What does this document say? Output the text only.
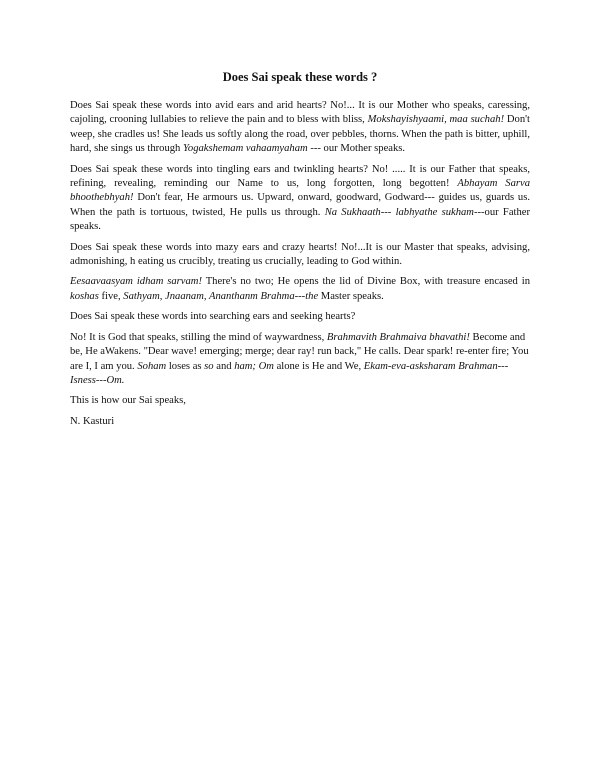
Does Sai speak these words ?

Does Sai speak these words into avid ears and arid hearts? No!... It is our Mother who speaks, caressing, cajoling, crooning lullabies to relieve the pain and to bless with bliss, Mokshayishyaami, maa suchah! Don't weep, she cradles us! She leads us softly along the road, over pebbles, thorns. When the path is bitter, uphill, hard, she sings us through Yogakshemam vahaamyaham --- our Mother speaks.

Does Sai speak these words into tingling ears and twinkling hearts? No! ..... It is our Father that speaks, refining, revealing, reminding our Name to us, long forgotten, long begotten! Abhayam Sarva bhoothebhyah! Don't fear, He armours us. Upward, onward, goodward, Godward--- guides us, guards us. When the path is tortuous, twisted, He pulls us through. Na Sukhaath--- labhyathe sukham---our Father speaks.

Does Sai speak these words into mazy ears and crazy hearts! No!...It is our Master that speaks, advising, admonishing, h eating us crucibly, treating us crucially, leading to God within.

Eesaavaasyam idham sarvam! There's no two; He opens the lid of Divine Box, with treasure encased in koshas five, Sathyam, Jnaanam, Ananthanm Brahma---the Master speaks.

Does Sai speak these words into searching ears and seeking hearts?

No! It is God that speaks, stilling the mind of waywardness, Brahmavith Brahmaiva bhavathi! Become and be, He aWakens. "Dear wave! emerging; merge; dear ray! run back," He calls. Dear spark! re-enter fire; You are I, I am you. Soham loses as so and ham; Om alone is He and We, Ekam-eva-asksharam Brahman---Isness---Om.

This is how our Sai speaks,

N. Kasturi
